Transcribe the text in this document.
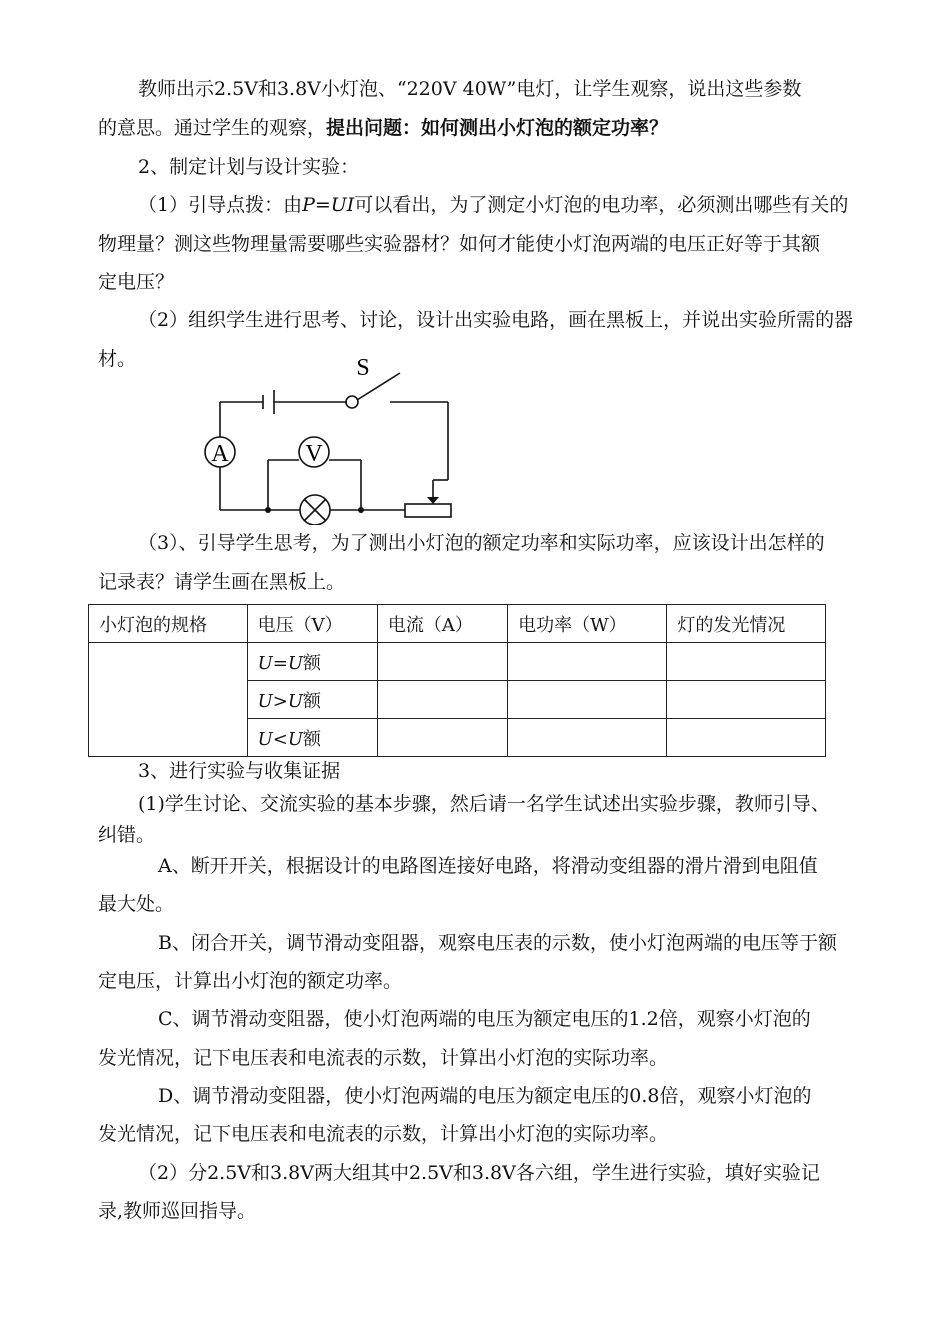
教师出示2.5V和3.8V小灯泡、“220V 40W”电灯，让学生观察，说出这些参数
的意思。通过学生的观察，提出问题：如何测出小灯泡的额定功率？
2、制定计划与设计实验：
（1）引导点拨：由P=UI可以看出，为了测定小灯泡的电功率，必须测出哪些有关的
物理量？测这些物理量需要哪些实验器材？如何才能使小灯泡两端的电压正好等于其额
定电压？
（2）组织学生进行思考、讨论，设计出实验电路，画在黑板上，并说出实验所需的器
材。	S
A	V
（3）、引导学生思考，为了测出小灯泡的额定功率和实际功率，应该设计出怎样的
记录表？请学生画在黑板上。
小灯泡的规格	电压（V）	电流（A）	电功率（W）	灯的发光情况
	U=U额			
	U>U额			
	U<U额			
3、进行实验与收集证据
(1)学生讨论、交流实验的基本步骤，然后请一名学生试述出实验步骤，教师引导、
纠错。
A、断开开关，根据设计的电路图连接好电路，将滑动变组器的滑片滑到电阻值
最大处。
B、闭合开关，调节滑动变阻器，观察电压表的示数，使小灯泡两端的电压等于额
定电压，计算出小灯泡的额定功率。
C、调节滑动变阻器，使小灯泡两端的电压为额定电压的1.2倍，观察小灯泡的
发光情况，记下电压表和电流表的示数，计算出小灯泡的实际功率。
D、调节滑动变阻器，使小灯泡两端的电压为额定电压的0.8倍，观察小灯泡的
发光情况，记下电压表和电流表的示数，计算出小灯泡的实际功率。
（2）分2.5V和3.8V两大组其中2.5V和3.8V各六组，学生进行实验，填好实验记
录,教师巡回指导。
